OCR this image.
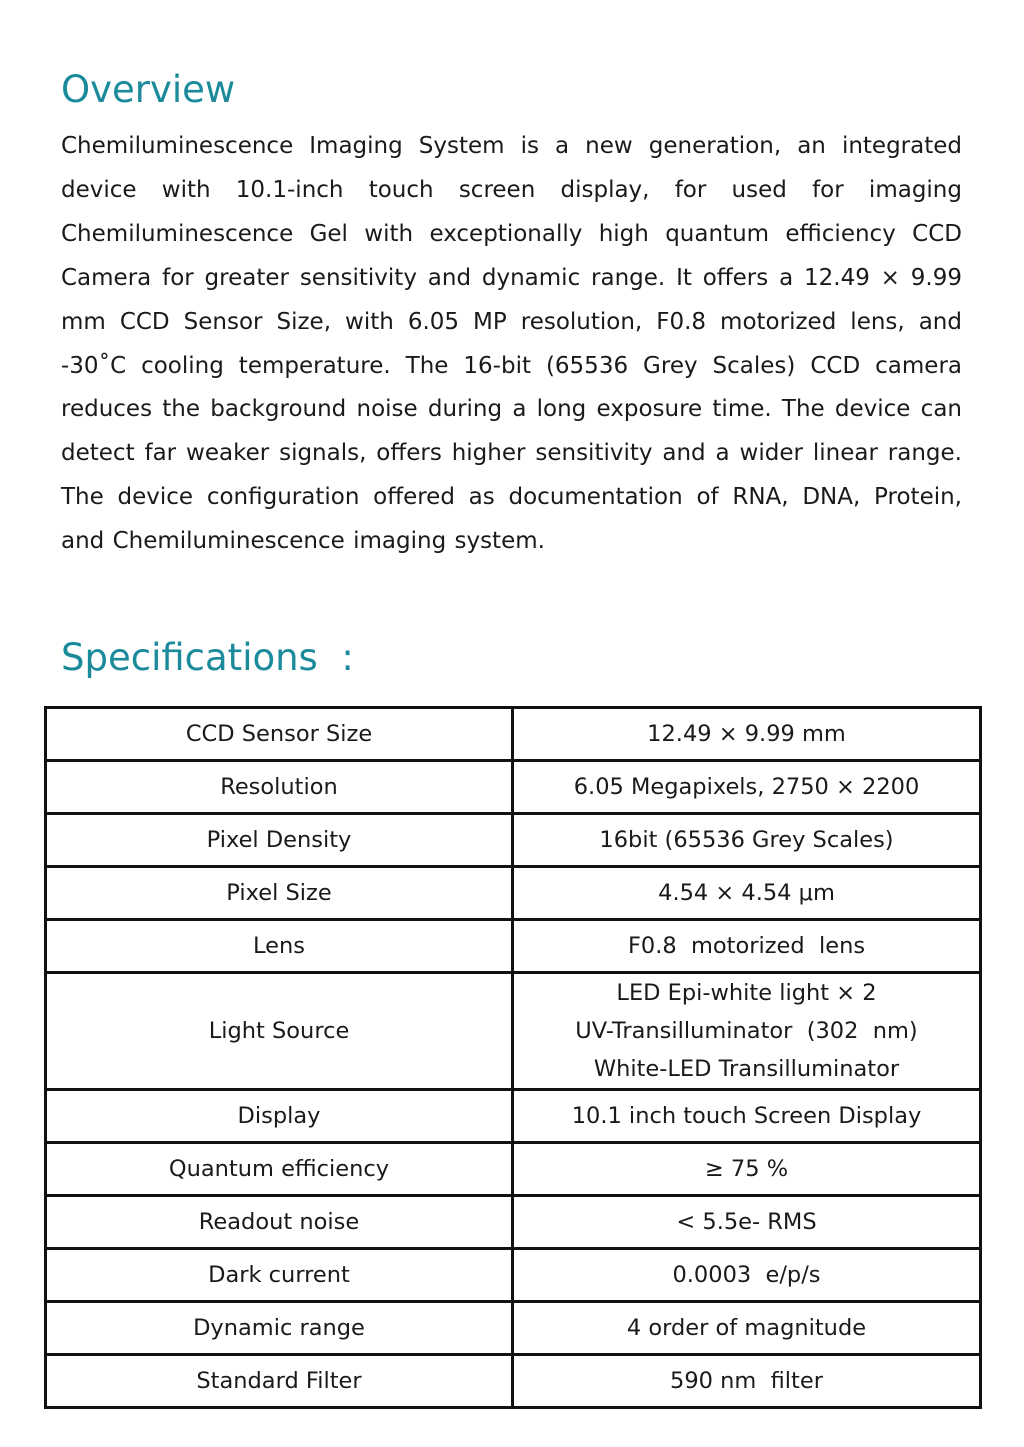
Overview

Chemiluminescence Imaging System is a new generation, an integrated device with 10.1-inch touch screen display, for used for imaging Chemiluminescence Gel with exceptionally high quantum efficiency CCD Camera for greater sensitivity and dynamic range. It offers a 12.49 × 9.99 mm CCD Sensor Size, with 6.05 MP resolution, F0.8 motorized lens, and -30˚C cooling temperature. The 16-bit (65536 Grey Scales) CCD camera reduces the background noise during a long exposure time. The device can detect far weaker signals, offers higher sensitivity and a wider linear range. The device configuration offered as documentation of RNA, DNA, Protein, and Chemiluminescence imaging system.

Specifications  :
CCD Sensor Size	12.49 × 9.99 mm
Resolution	6.05 Megapixels, 2750 × 2200
Pixel Density	16bit (65536 Grey Scales)
Pixel Size	4.54 × 4.54 μm
Lens	F0.8  motorized  lens
Light Source	LED Epi-white light × 2
UV-Transilluminator  (302  nm)
White-LED Transilluminator

Display	10.1 inch touch Screen Display
Quantum efficiency	≥ 75 %
Readout noise	< 5.5e- RMS
Dark current	0.0003  e/p/s
Dynamic range	4 order of magnitude
Standard Filter	590 nm  filter
